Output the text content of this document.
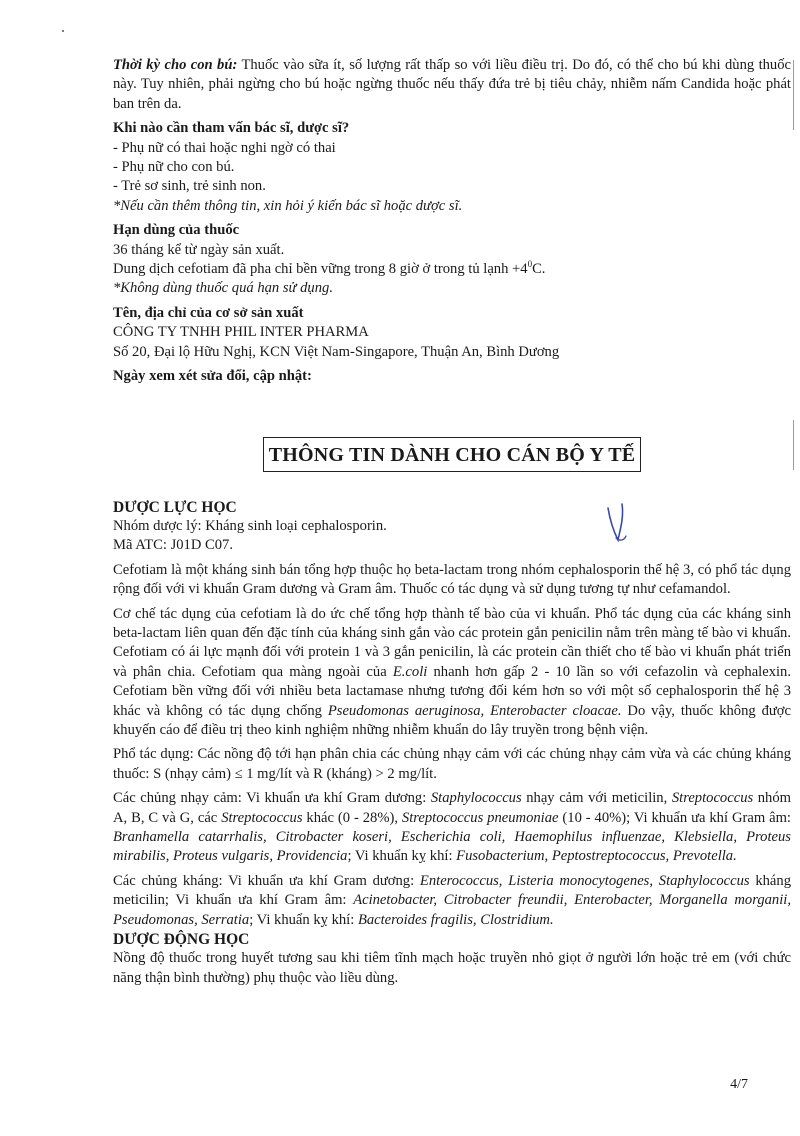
Thời kỳ cho con bú: Thuốc vào sữa ít, số lượng rất thấp so với liều điều trị. Do đó, có thể cho bú khi dùng thuốc này. Tuy nhiên, phải ngừng cho bú hoặc ngừng thuốc nếu thấy đứa trẻ bị tiêu chảy, nhiễm nấm Candida hoặc phát ban trên da.

Khi nào cần tham vấn bác sĩ, dược sĩ?

- Phụ nữ có thai hoặc nghi ngờ có thai

- Phụ nữ cho con bú.

- Trẻ sơ sinh, trẻ sinh non.

*Nếu cần thêm thông tin, xin hỏi ý kiến bác sĩ hoặc dược sĩ.

Hạn dùng của thuốc

36 tháng kể từ ngày sản xuất.

Dung dịch cefotiam đã pha chỉ bền vững trong 8 giờ ở trong tủ lạnh $+4^0C$.

*Không dùng thuốc quá hạn sử dụng.

Tên, địa chỉ của cơ sở sản xuất

CÔNG TY TNHH PHIL INTER PHARMA

Số 20, Đại lộ Hữu Nghị, KCN Việt Nam-Singapore, Thuận An, Bình Dương

Ngày xem xét sửa đổi, cập nhật:

THÔNG TIN DÀNH CHO CÁN BỘ Y TẾ

DƯỢC LỰC HỌC

Nhóm dược lý: Kháng sinh loại cephalosporin.

Mã ATC: J01D C07.

Cefotiam là một kháng sinh bán tổng hợp thuộc họ beta-lactam trong nhóm cephalosporin thế hệ 3, có phổ tác dụng rộng đối với vi khuẩn Gram dương và Gram âm. Thuốc có tác dụng và sử dụng tương tự như cefamandol.

Cơ chế tác dụng của cefotiam là do ức chế tổng hợp thành tế bào của vi khuẩn. Phổ tác dụng của các kháng sinh beta-lactam liên quan đến đặc tính của kháng sinh gắn vào các protein gắn penicilin nằm trên màng tế bào vi khuẩn. Cefotiam có ái lực mạnh đối với protein 1 và 3 gắn penicilin, là các protein cần thiết cho tế bào vi khuẩn phát triển và phân chia. Cefotiam qua màng ngoài của E.coli nhanh hơn gấp 2 - 10 lần so với cefazolin và cephalexin. Cefotiam bền vững đối với nhiều beta lactamase nhưng tương đối kém hơn so với một số cephalosporin thế hệ 3 khác và không có tác dụng chống Pseudomonas aeruginosa, Enterobacter cloacae. Do vậy, thuốc không được khuyến cáo để điều trị theo kinh nghiệm những nhiễm khuẩn do lây truyền trong bệnh viện.

Phổ tác dụng: Các nồng độ tới hạn phân chia các chủng nhạy cảm với các chủng nhạy cảm vừa và các chủng kháng thuốc: S (nhạy cảm) ≤ 1 mg/lít và R (kháng) > 2 mg/lít.

Các chủng nhạy cảm: Vi khuẩn ưa khí Gram dương: Staphylococcus nhạy cảm với meticilin, Streptococcus nhóm A, B, C và G, các Streptococcus khác (0 - 28%), Streptococcus pneumoniae (10 - 40%); Vi khuẩn ưa khí Gram âm: Branhamella catarrhalis, Citrobacter koseri, Escherichia coli, Haemophilus influenzae, Klebsiella, Proteus mirabilis, Proteus vulgaris, Providencia; Vi khuẩn kỵ khí: Fusobacterium, Peptostreptococcus, Prevotella.

Các chủng kháng: Vi khuẩn ưa khí Gram dương: Enterococcus, Listeria monocytogenes, Staphylococcus kháng meticilin; Vi khuẩn ưa khí Gram âm: Acinetobacter, Citrobacter freundii, Enterobacter, Morganella morganii, Pseudomonas, Serratia; Vi khuẩn kỵ khí: Bacteroides fragilis, Clostridium.

DƯỢC ĐỘNG HỌC

Nồng độ thuốc trong huyết tương sau khi tiêm tĩnh mạch hoặc truyền nhỏ giọt ở người lớn hoặc trẻ em (với chức năng thận bình thường) phụ thuộc vào liều dùng.

4/7
